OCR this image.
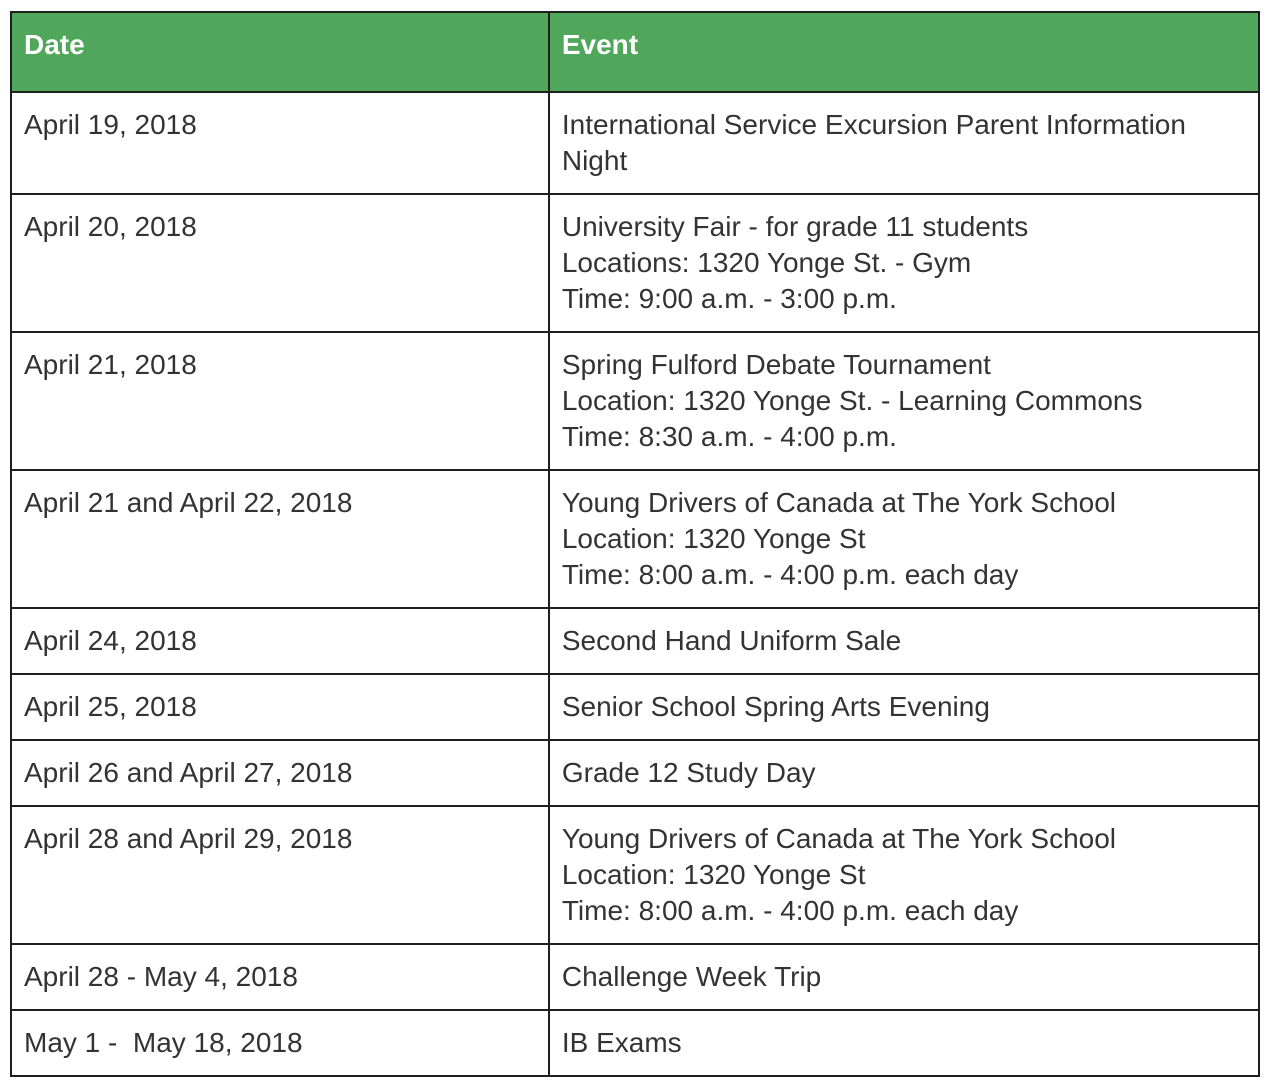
Date	Event
April 19, 2018	International Service Excursion Parent Information Night

April 20, 2018	University Fair - for grade 11 students
Locations: 1320 Yonge St. - Gym
Time: 9:00 a.m. - 3:00 p.m.

April 21, 2018	Spring Fulford Debate Tournament
Location: 1320 Yonge St. - Learning Commons
Time: 8:30 a.m. - 4:00 p.m.

April 21 and April 22, 2018	Young Drivers of Canada at The York School
Location: 1320 Yonge St
Time: 8:00 a.m. - 4:00 p.m. each day

April 24, 2018	Second Hand Uniform Sale

April 25, 2018	Senior School Spring Arts Evening

April 26 and April 27, 2018	Grade 12 Study Day

April 28 and April 29, 2018	Young Drivers of Canada at The York School
Location: 1320 Yonge St
Time: 8:00 a.m. - 4:00 p.m. each day

April 28 - May 4, 2018	Challenge Week Trip

May 1 -  May 18, 2018	IB Exams
